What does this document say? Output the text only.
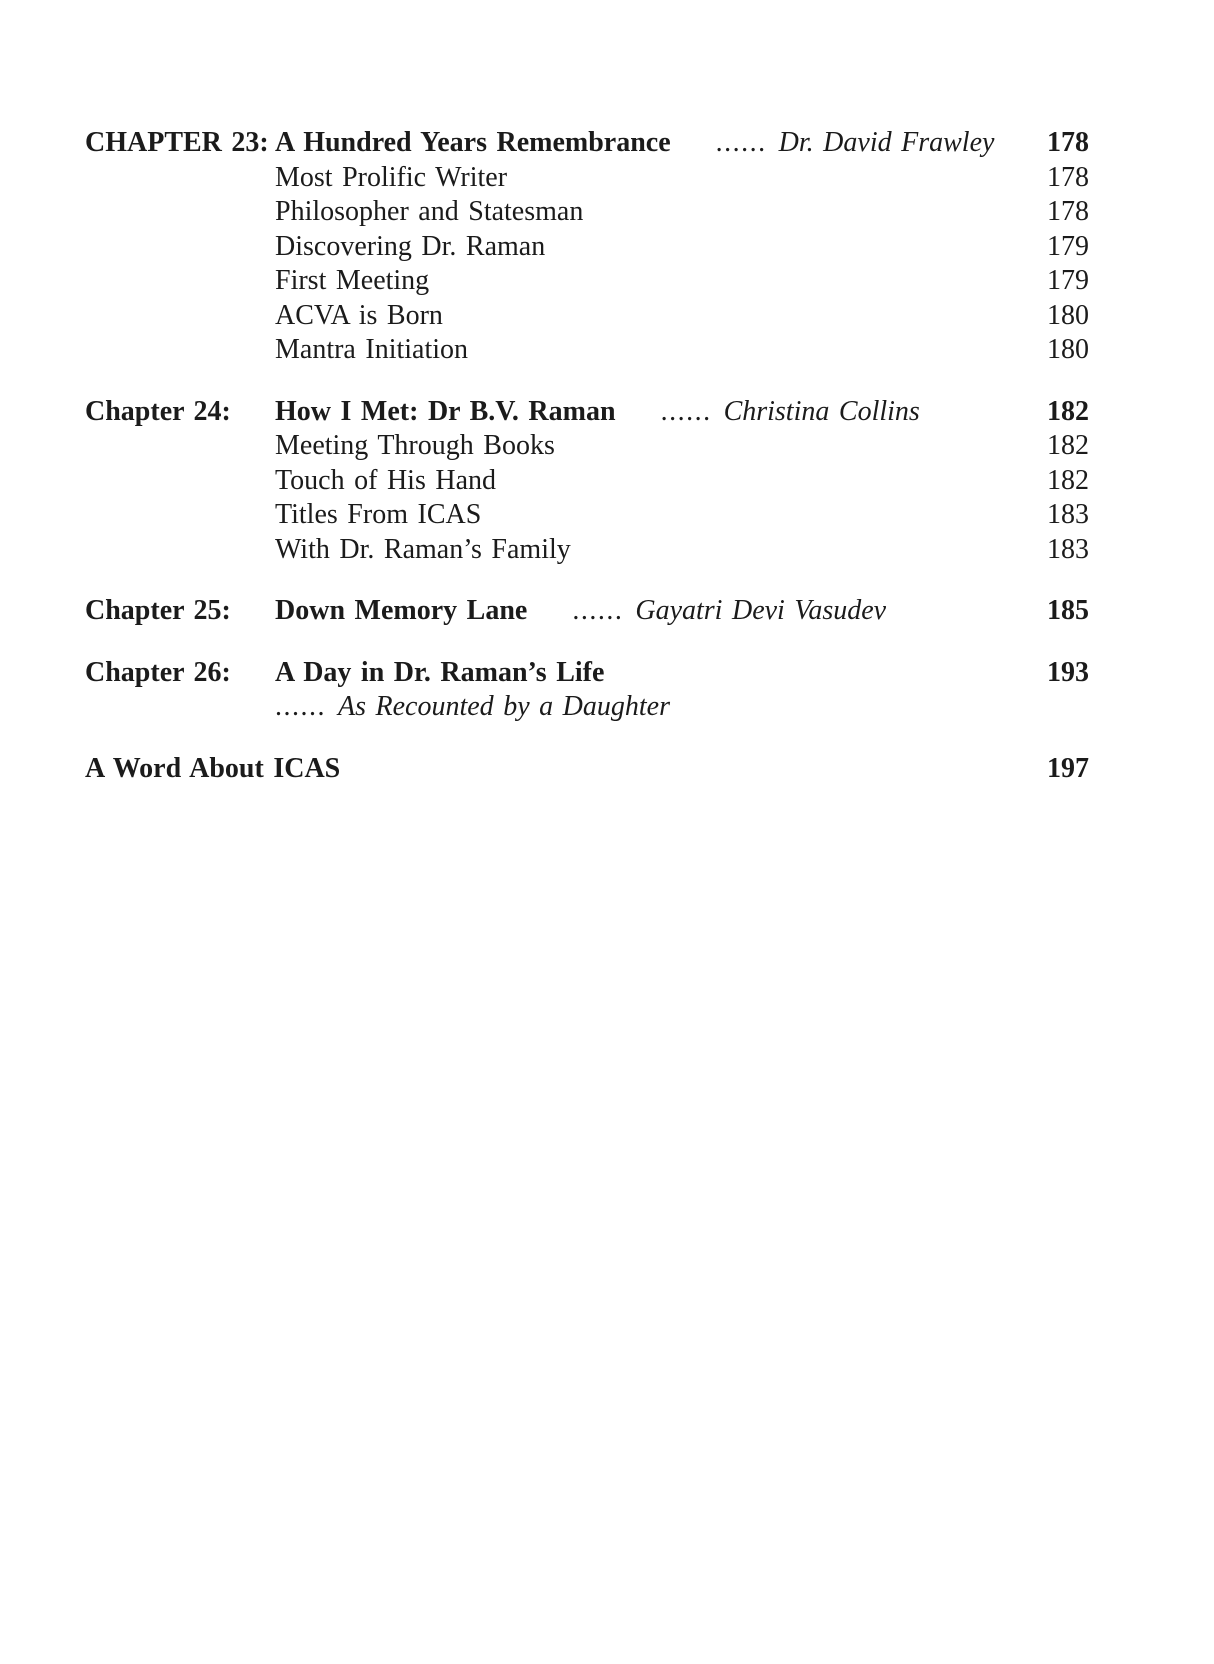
CHAPTER 23: A Hundred Years Remembrance ...... Dr. David Frawley	178
Most Prolific Writer	178
Philosopher and Statesman	178
Discovering Dr. Raman	179
First Meeting	179
ACVA is Born	180
Mantra Initiation	180
Chapter 24:	How I Met: Dr B.V. Raman ...... Christina Collins	182
Meeting Through Books	182
Touch of His Hand	182
Titles From ICAS	183
With Dr. Raman’s Family	183
Chapter 25:	Down Memory Lane ...... Gayatri Devi Vasudev	185
Chapter 26:	A Day in Dr. Raman’s Life	193
...... As Recounted by a Daughter
A Word About ICAS	197
